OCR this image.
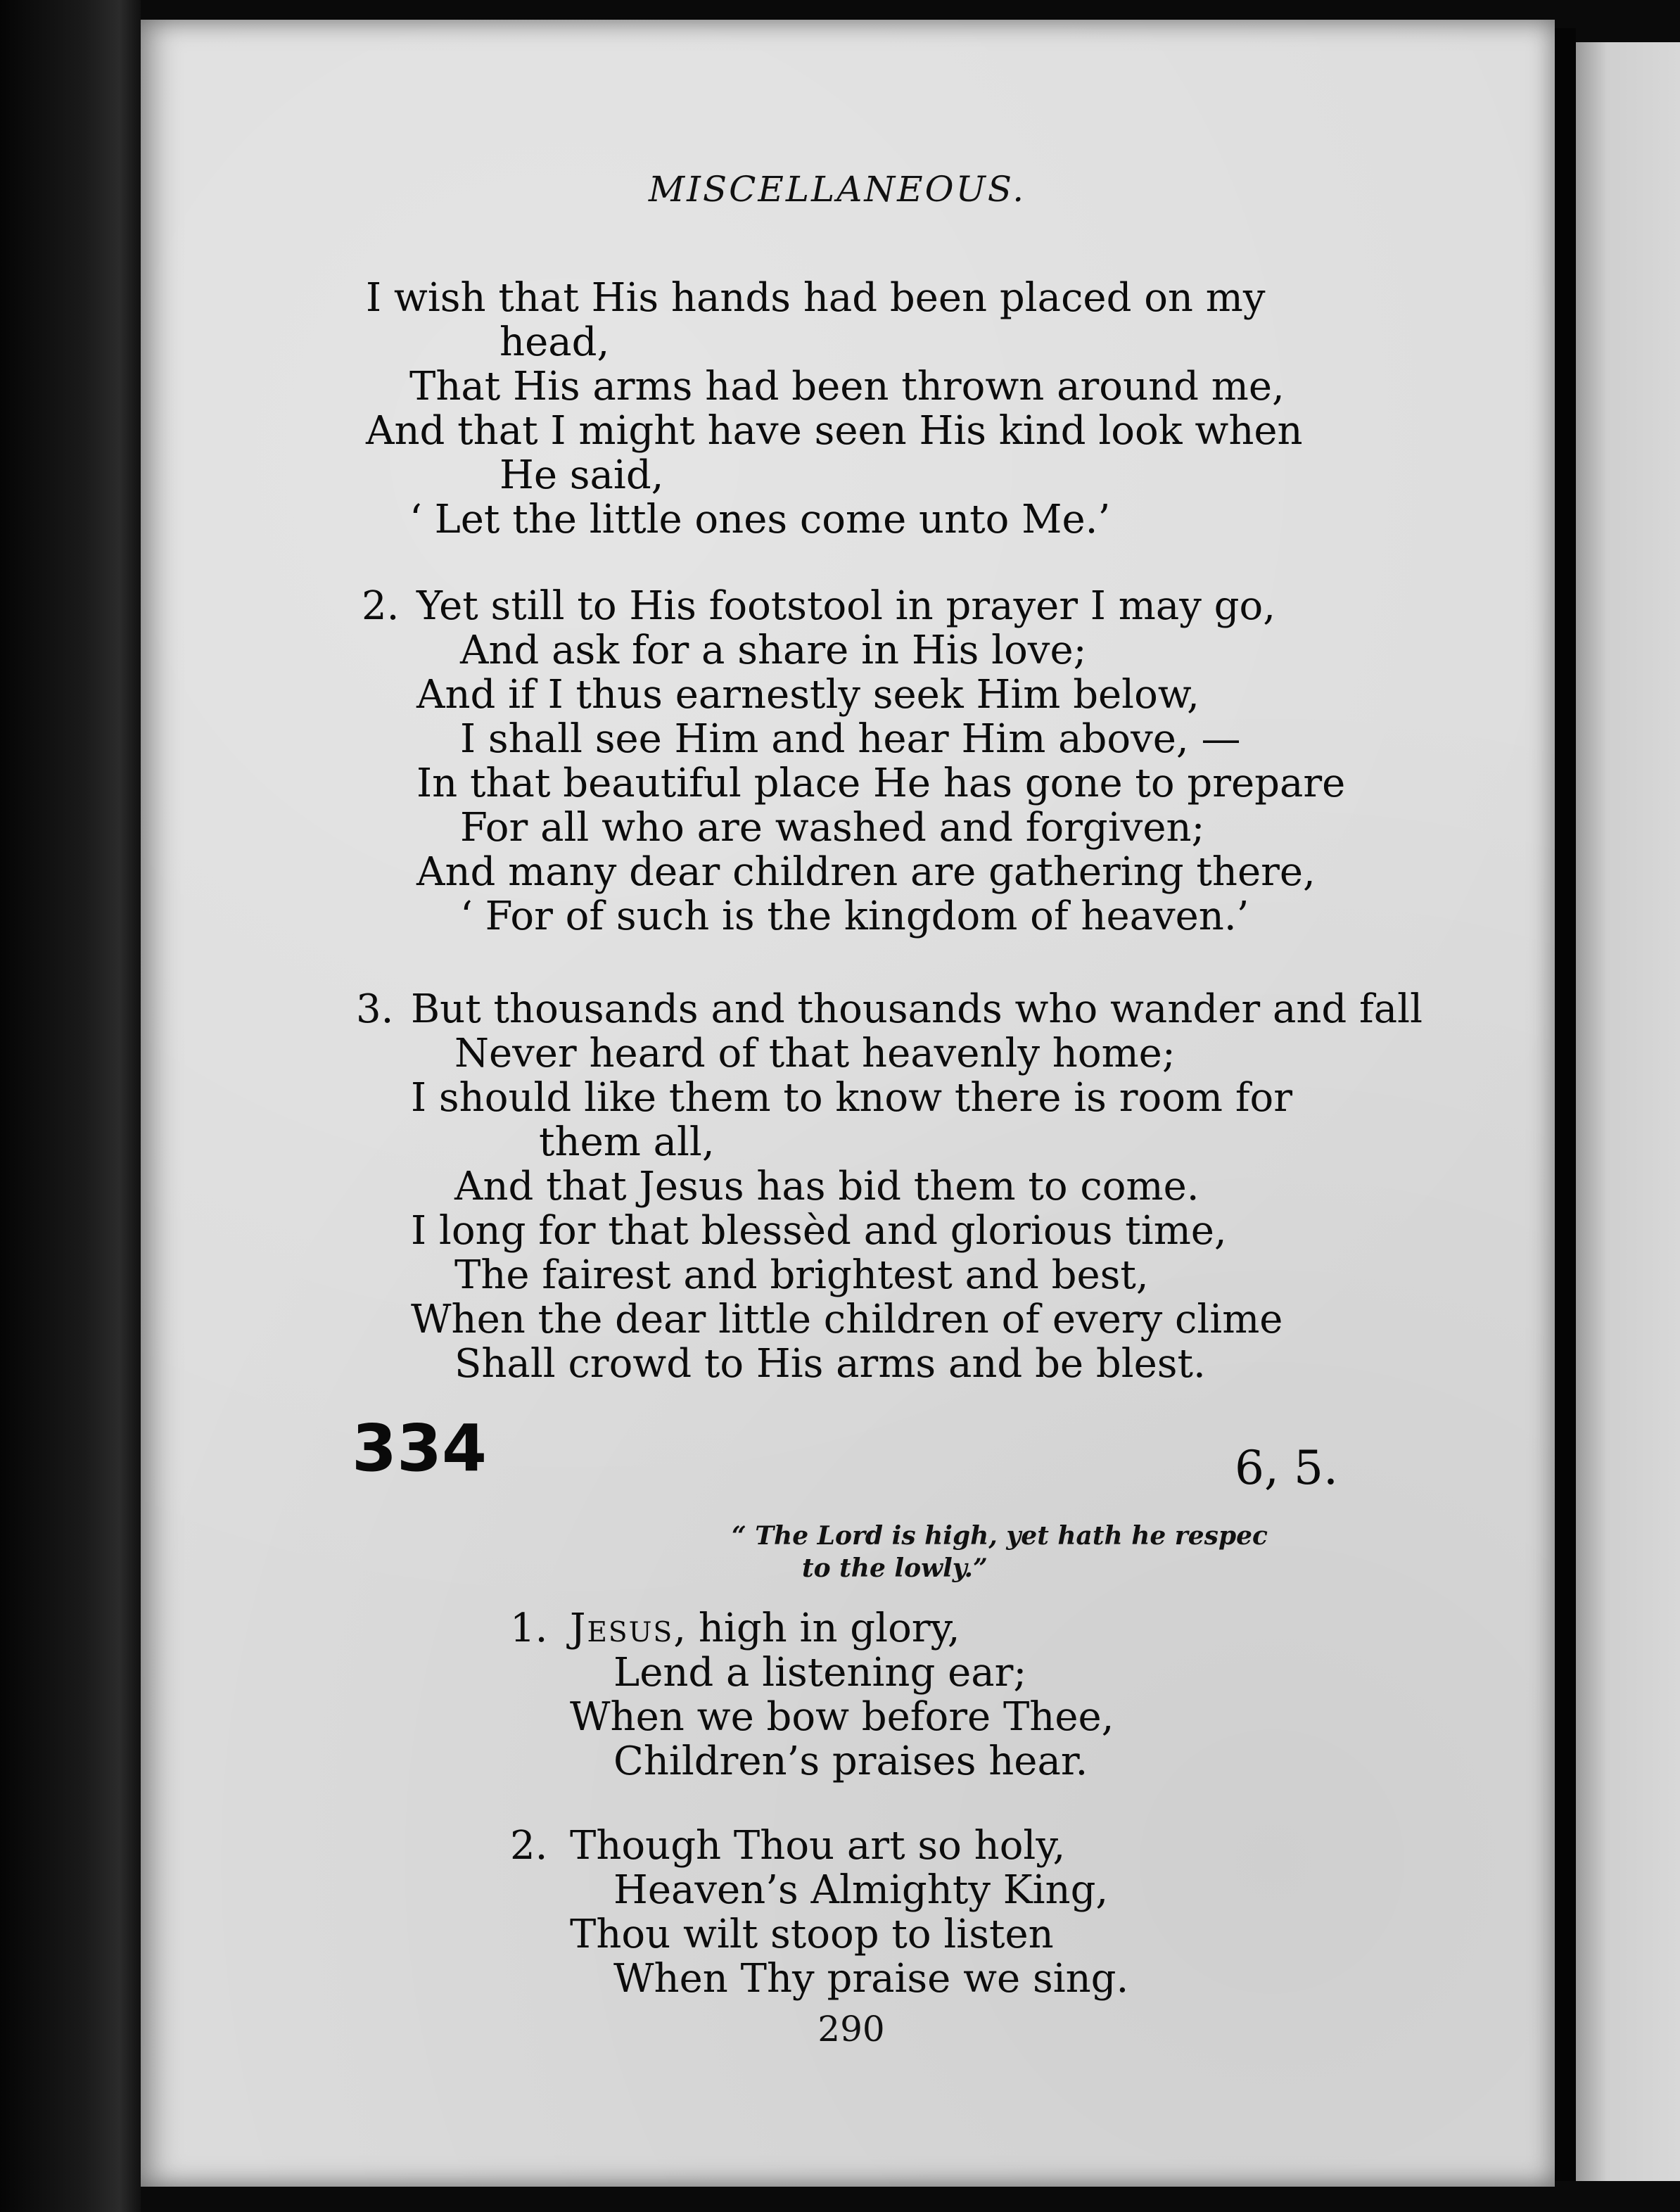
MISCELLANEOUS.
I wish that His hands had been placed on my
head,
That His arms had been thrown around me,
And that I might have seen His kind look when
He said,
‘ Let the little ones come unto Me.’
2. Yet still to His footstool in prayer I may go,
And ask for a share in His love;
And if I thus earnestly seek Him below,
I shall see Him and hear Him above, —
In that beautiful place He has gone to prepare
For all who are washed and forgiven;
And many dear children are gathering there,
‘ For of such is the kingdom of heaven.’
3. But thousands and thousands who wander and fall
Never heard of that heavenly home;
I should like them to know there is room for
them all,
And that Jesus has bid them to come.
I long for that blessèd and glorious time,
The fairest and brightest and best,
When the dear little children of every clime
Shall crowd to His arms and be blest.
334	6, 5.
“ The Lord is high, yet hath he respec
to the lowly.”
1. Jesus, high in glory,
Lend a listening ear;
When we bow before Thee,
Children’s praises hear.
2. Though Thou art so holy,
Heaven’s Almighty King,
Thou wilt stoop to listen
When Thy praise we sing.
290
